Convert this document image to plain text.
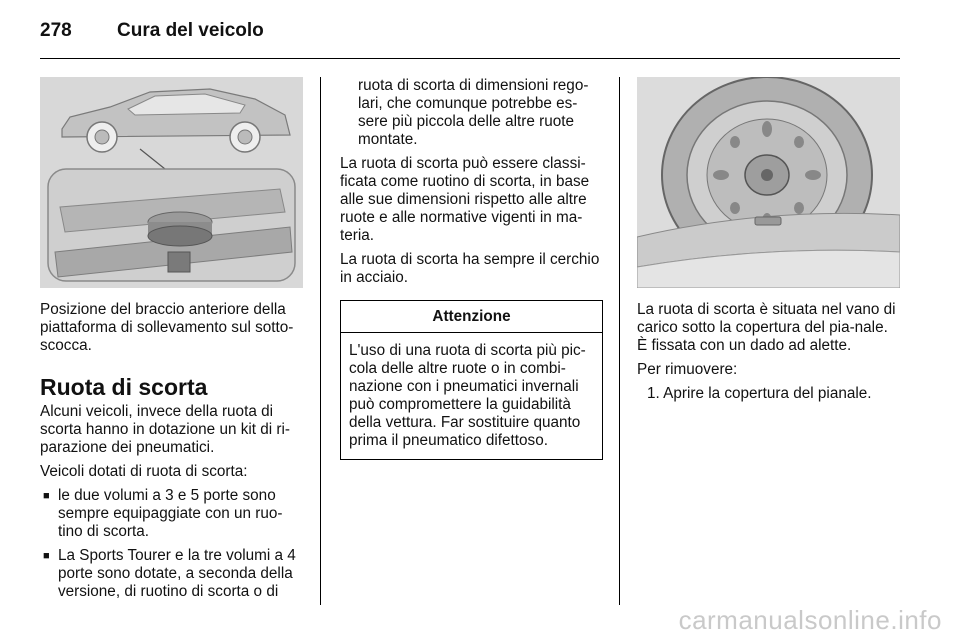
278 Cura del veicolo

Posizione del braccio anteriore della piattaforma di sollevamento sul sotto-scocca.

Ruota di scorta

Alcuni veicoli, invece della ruota di scorta hanno in dotazione un kit di ri-parazione dei pneumatici.

Veicoli dotati di ruota di scorta:

■ le due volumi a 3 e 5 porte sono sempre equipaggiate con un ruo-tino di scorta.
■ La Sports Tourer e la tre volumi a 4 porte sono dotate, a seconda della versione, di ruotino di scorta o di

ruota di scorta di dimensioni rego-lari, che comunque potrebbe es-sere più piccola delle altre ruote montate.

La ruota di scorta può essere classi-ficata come ruotino di scorta, in base alle sue dimensioni rispetto alle altre ruote e alle normative vigenti in ma-teria.

La ruota di scorta ha sempre il cerchio in acciaio.

Attenzione
L'uso di una ruota di scorta più pic-cola delle altre ruote o in combi-nazione con i pneumatici invernali può compromettere la guidabilità della vettura. Far sostituire quanto prima il pneumatico difettoso.

La ruota di scorta è situata nel vano di carico sotto la copertura del pia-nale. È fissata con un dado ad alette.

Per rimuovere:

1. Aprire la copertura del pianale.
carmanualsonline.info
